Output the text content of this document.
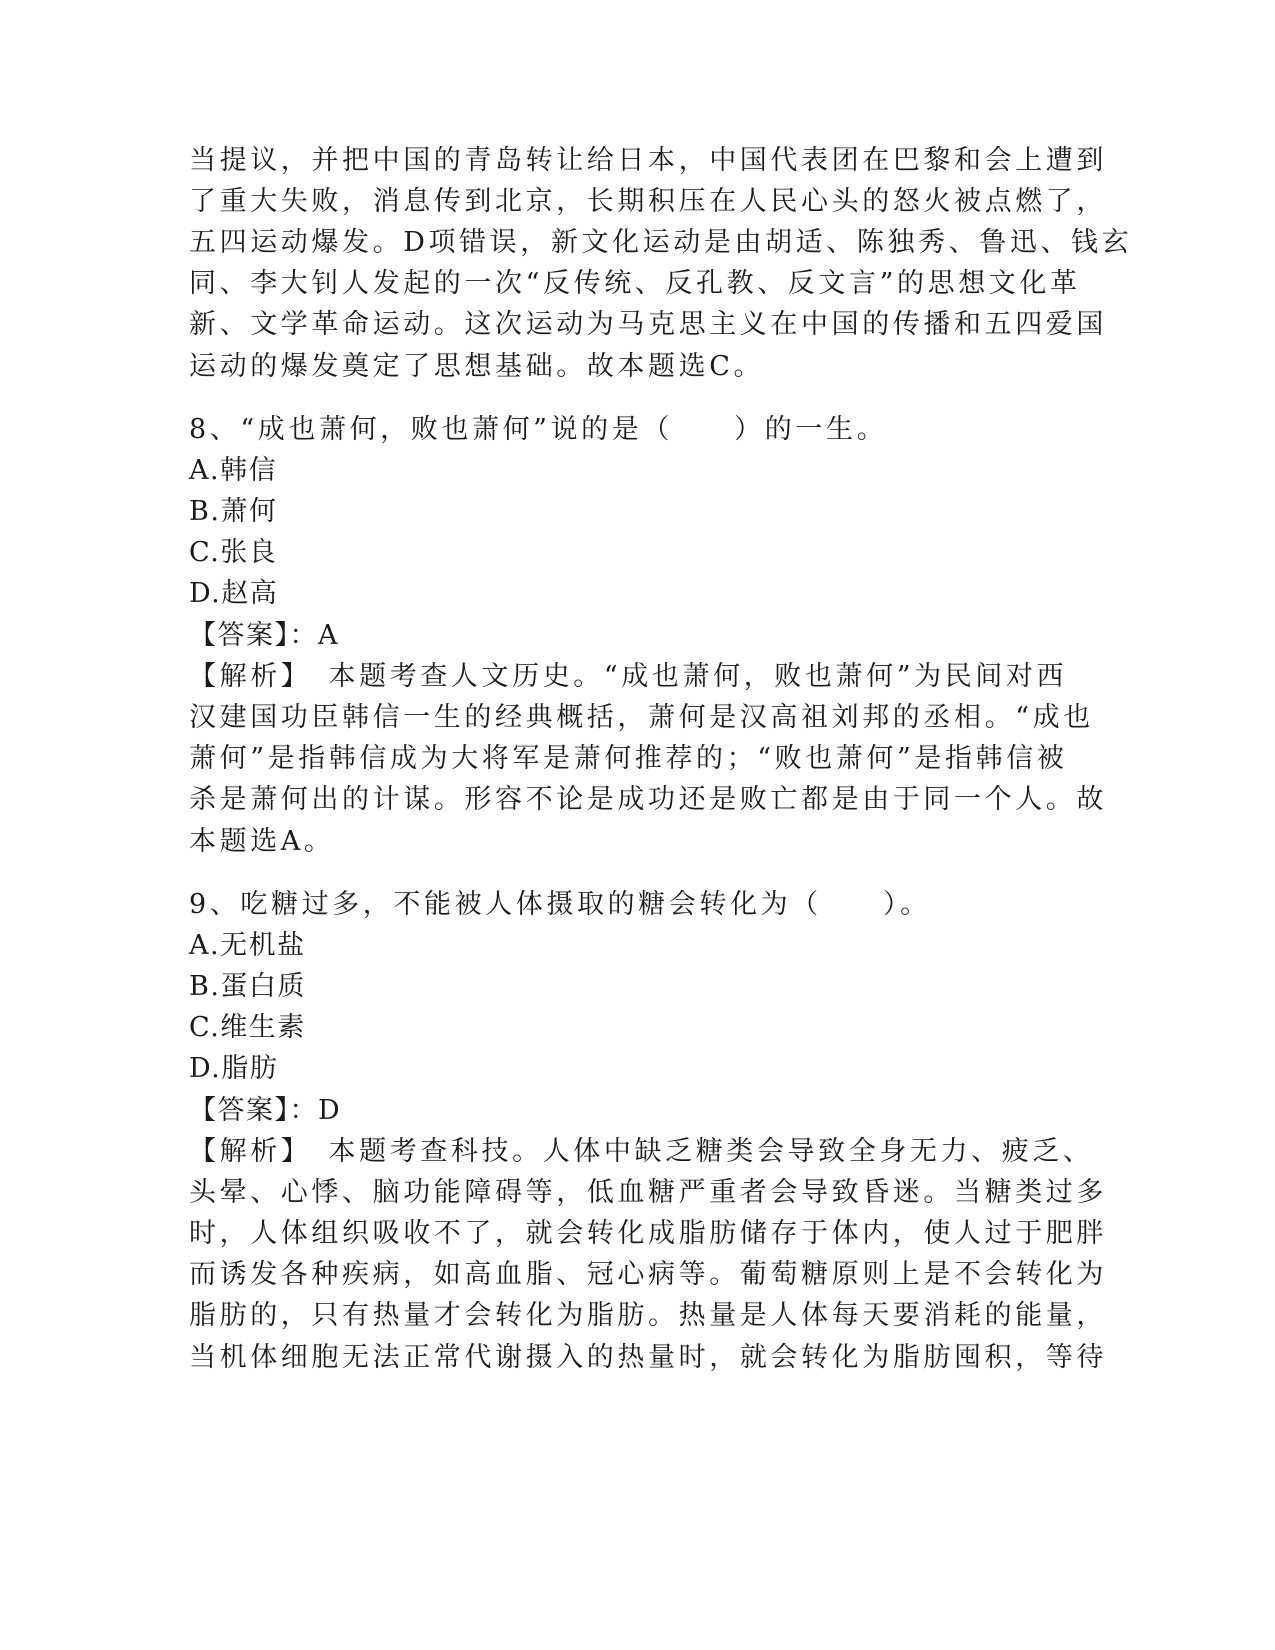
当提议，并把中国的青岛转让给日本，中国代表团在巴黎和会上遭到
了重大失败，消息传到北京，长期积压在人民心头的怒火被点燃了，
五四运动爆发。D项错误，新文化运动是由胡适、陈独秀、鲁迅、钱玄
同、李大钊人发起的一次“反传统、反孔教、反文言”的思想文化革
新、文学革命运动。这次运动为马克思主义在中国的传播和五四爱国
运动的爆发奠定了思想基础。故本题选C。
8、“成也萧何，败也萧何”说的是（　　）的一生。
A.韩信
B.萧何
C.张良
D.赵高
【答案】：A
【解析】　本题考查人文历史。“成也萧何，败也萧何”为民间对西
汉建国功臣韩信一生的经典概括，萧何是汉高祖刘邦的丞相。“成也
萧何”是指韩信成为大将军是萧何推荐的；“败也萧何”是指韩信被
杀是萧何出的计谋。形容不论是成功还是败亡都是由于同一个人。故
本题选A。
9、吃糖过多，不能被人体摄取的糖会转化为（　　）。
A.无机盐
B.蛋白质
C.维生素
D.脂肪
【答案】：D
【解析】　本题考查科技。人体中缺乏糖类会导致全身无力、疲乏、
头晕、心悸、脑功能障碍等，低血糖严重者会导致昏迷。当糖类过多
时，人体组织吸收不了，就会转化成脂肪储存于体内，使人过于肥胖
而诱发各种疾病，如高血脂、冠心病等。葡萄糖原则上是不会转化为
脂肪的，只有热量才会转化为脂肪。热量是人体每天要消耗的能量，
当机体细胞无法正常代谢摄入的热量时，就会转化为脂肪囤积，等待
